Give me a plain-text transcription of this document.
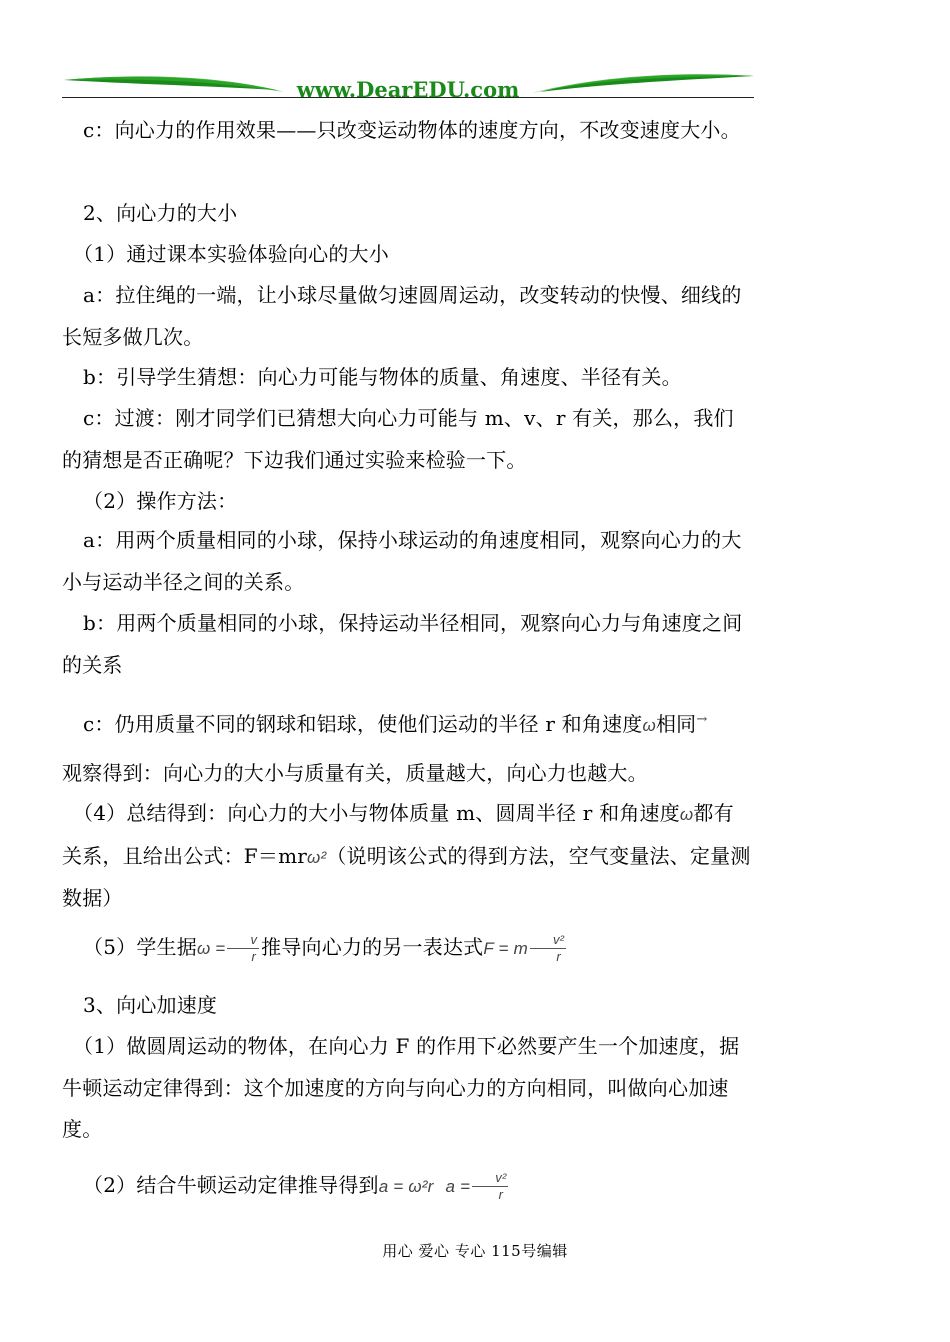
www.DearEDU.com
c：向心力的作用效果——只改变运动物体的速度方向，不改变速度大小。
2、向心力的大小
（1）通过课本实验体验向心的大小
a：拉住绳的一端，让小球尽量做匀速圆周运动，改变转动的快慢、细线的长短多做几次。
b：引导学生猜想：向心力可能与物体的质量、角速度、半径有关。
c：过渡：刚才同学们已猜想大向心力可能与 m、v、r 有关，那么，我们的猜想是否正确呢？下边我们通过实验来检验一下。
（2）操作方法：
a：用两个质量相同的小球，保持小球运动的角速度相同，观察向心力的大小与运动半径之间的关系。
b：用两个质量相同的小球，保持运动半径相同，观察向心力与角速度之间的关系
c：仍用质量不同的钢球和铝球，使他们运动的半径 r 和角速度ω相同→
观察得到：向心力的大小与质量有关，质量越大，向心力也越大。
（4）总结得到：向心力的大小与物体质量 m、圆周半径 r 和角速度ω都有关系，且给出公式：F＝mrω²（说明该公式的得到方法，空气变量法、定量测数据）
（5）学生据$\omega = \frac{v}{r}$ 推导向心力的另一表达式F = m $\frac{\text{v²}}{r}$
3、向心加速度
（1）做圆周运动的物体，在向心力 F 的作用下必然要产生一个加速度，据牛顿运动定律得到：这个加速度的方向与向心力的方向相同，叫做向心加速度。
（2）结合牛顿运动定律推导得到a = ω²r $a = \frac{\text{v²}}{r}$
用心 爱心 专心 115号编辑
